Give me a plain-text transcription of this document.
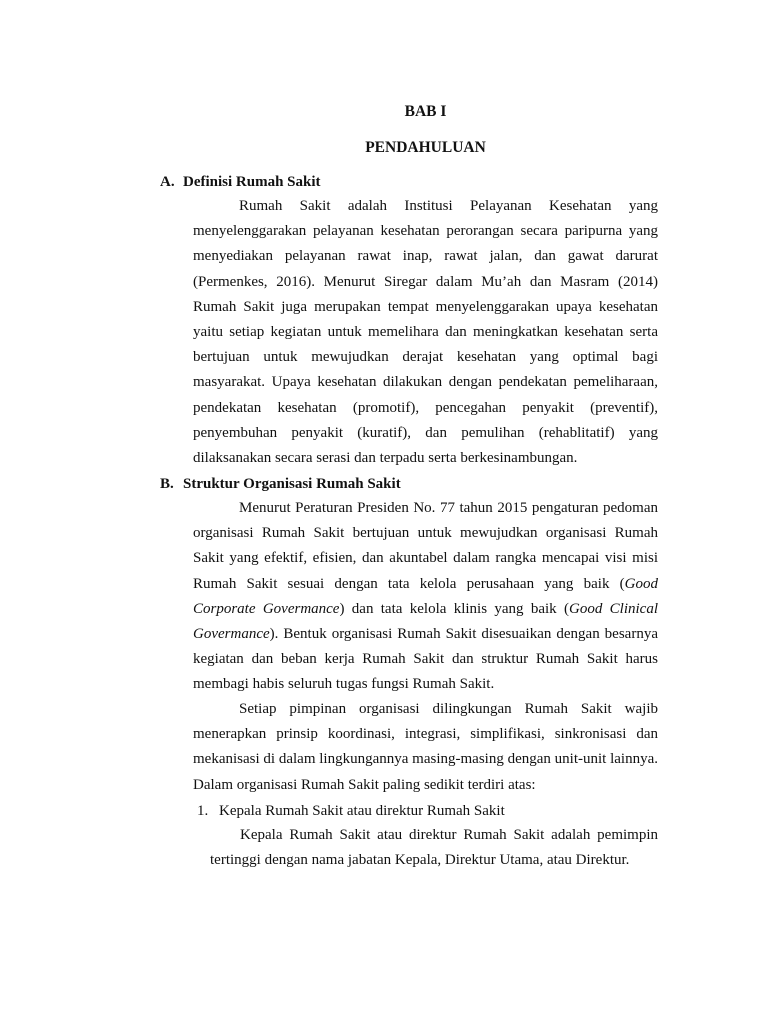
BAB I
PENDAHULUAN
A. Definisi Rumah Sakit

Rumah Sakit adalah Institusi Pelayanan Kesehatan yang menyelenggarakan pelayanan kesehatan perorangan secara paripurna yang menyediakan pelayanan rawat inap, rawat jalan, dan gawat darurat (Permenkes, 2016). Menurut Siregar dalam Mu’ah dan Masram (2014) Rumah Sakit juga merupakan tempat menyelenggarakan upaya kesehatan yaitu setiap kegiatan untuk memelihara dan meningkatkan kesehatan serta bertujuan untuk mewujudkan derajat kesehatan yang optimal bagi masyarakat. Upaya kesehatan dilakukan dengan pendekatan pemeliharaan, pendekatan kesehatan (promotif), pencegahan penyakit (preventif), penyembuhan penyakit (kuratif), dan pemulihan (rehablitatif) yang dilaksanakan secara serasi dan terpadu serta berkesinambungan.

B. Struktur Organisasi Rumah Sakit

Menurut Peraturan Presiden No. 77 tahun 2015 pengaturan pedoman organisasi Rumah Sakit bertujuan untuk mewujudkan organisasi Rumah Sakit yang efektif, efisien, dan akuntabel dalam rangka mencapai visi misi Rumah Sakit sesuai dengan tata kelola perusahaan yang baik (Good Corporate Govermance) dan tata kelola klinis yang baik (Good Clinical Govermance). Bentuk organisasi Rumah Sakit disesuaikan dengan besarnya kegiatan dan beban kerja Rumah Sakit dan struktur Rumah Sakit harus membagi habis seluruh tugas fungsi Rumah Sakit.

Setiap pimpinan organisasi dilingkungan Rumah Sakit wajib menerapkan prinsip koordinasi, integrasi, simplifikasi, sinkronisasi dan mekanisasi di dalam lingkungannya masing-masing dengan unit-unit lainnya. Dalam organisasi Rumah Sakit paling sedikit terdiri atas:

1. Kepala Rumah Sakit atau direktur Rumah Sakit

Kepala Rumah Sakit atau direktur Rumah Sakit adalah pemimpin tertinggi dengan nama jabatan Kepala, Direktur Utama, atau Direktur.
